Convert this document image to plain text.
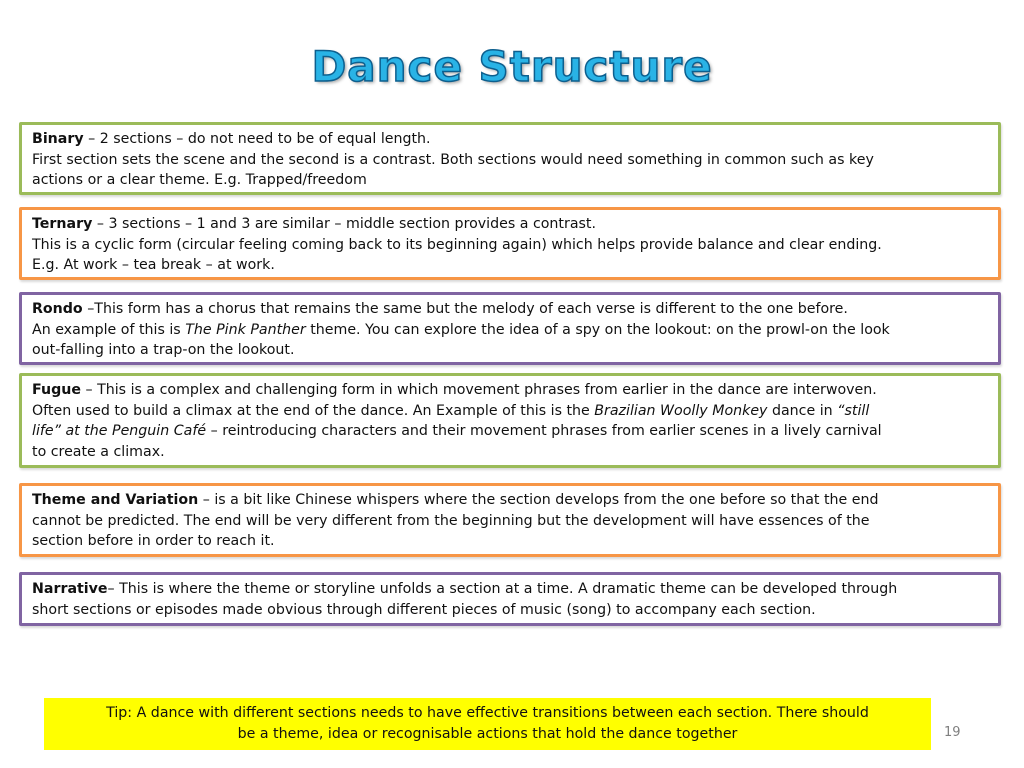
Dance Structure
Binary – 2 sections – do not need to be of equal length.
First section sets the scene and the second is a contrast. Both sections would need something in common such as key
actions or a clear theme. E.g. Trapped/freedom
Ternary – 3 sections – 1 and 3 are similar – middle section provides a contrast.
This is a cyclic form (circular feeling coming back to its beginning again) which helps provide balance and clear ending.
E.g. At work – tea break – at work.
Rondo –This form has a chorus that remains the same but the melody of each verse is different to the one before.
An example of this is The Pink Panther theme. You can explore the idea of a spy on the lookout: on the prowl-on the look
out-falling into a trap-on the lookout.
Fugue – This is a complex and challenging form in which movement phrases from earlier in the dance are interwoven.
Often used to build a climax at the end of the dance. An Example of this is the Brazilian Woolly Monkey dance in “still
life” at the Penguin Café – reintroducing characters and their movement phrases from earlier scenes in a lively carnival
to create a climax.
Theme and Variation – is a bit like Chinese whispers where the section develops from the one before so that the end
cannot be predicted. The end will be very different from the beginning but the development will have essences of the
section before in order to reach it.
Narrative– This is where the theme or storyline unfolds a section at a time. A dramatic theme can be developed through
short sections or episodes made obvious through different pieces of music (song) to accompany each section.
Tip: A dance with different sections needs to have effective transitions between each section. There should
be a theme, idea or recognisable actions that hold the dance together	19
